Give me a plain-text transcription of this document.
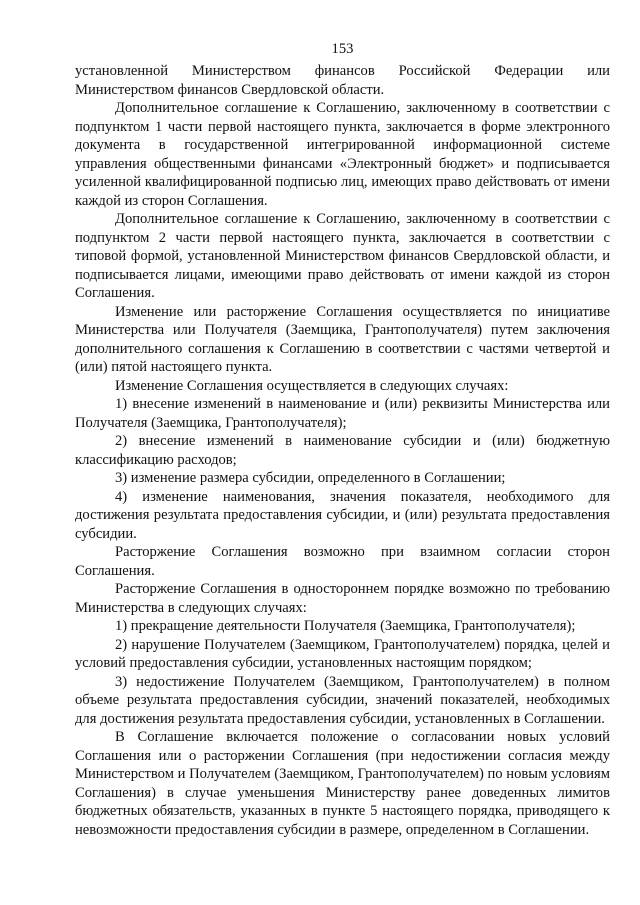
153

установленной Министерством финансов Российской Федерации или Министерством финансов Свердловской области.

Дополнительное соглашение к Соглашению, заключенному в соответствии с подпунктом 1 части первой настоящего пункта, заключается в форме электронного документа в государственной интегрированной информационной системе управления общественными финансами «Электронный бюджет» и подписывается усиленной квалифицированной подписью лиц, имеющих право действовать от имени каждой из сторон Соглашения.

Дополнительное соглашение к Соглашению, заключенному в соответствии с подпунктом 2 части первой настоящего пункта, заключается в соответствии с типовой формой, установленной Министерством финансов Свердловской области, и подписывается лицами, имеющими право действовать от имени каждой из сторон Соглашения.

Изменение или расторжение Соглашения осуществляется по инициативе Министерства или Получателя (Заемщика, Грантополучателя) путем заключения дополнительного соглашения к Соглашению в соответствии с частями четвертой и (или) пятой настоящего пункта.

Изменение Соглашения осуществляется в следующих случаях:

1) внесение изменений в наименование и (или) реквизиты Министерства или Получателя (Заемщика, Грантополучателя);

2) внесение изменений в наименование субсидии и (или) бюджетную классификацию расходов;

3) изменение размера субсидии, определенного в Соглашении;

4) изменение наименования, значения показателя, необходимого для достижения результата предоставления субсидии, и (или) результата предоставления субсидии.

Расторжение Соглашения возможно при взаимном согласии сторон Соглашения.

Расторжение Соглашения в одностороннем порядке возможно по требованию Министерства в следующих случаях:

1) прекращение деятельности Получателя (Заемщика, Грантополучателя);

2) нарушение Получателем (Заемщиком, Грантополучателем) порядка, целей и условий предоставления субсидии, установленных настоящим порядком;

3) недостижение Получателем (Заемщиком, Грантополучателем) в полном объеме результата предоставления субсидии, значений показателей, необходимых для достижения результата предоставления субсидии, установленных в Соглашении.

В Соглашение включается положение о согласовании новых условий Соглашения или о расторжении Соглашения (при недостижении согласия между Министерством и Получателем (Заемщиком, Грантополучателем) по новым условиям Соглашения) в случае уменьшения Министерству ранее доведенных лимитов бюджетных обязательств, указанных в пункте 5 настоящего порядка, приводящего к невозможности предоставления субсидии в размере, определенном в Соглашении.
